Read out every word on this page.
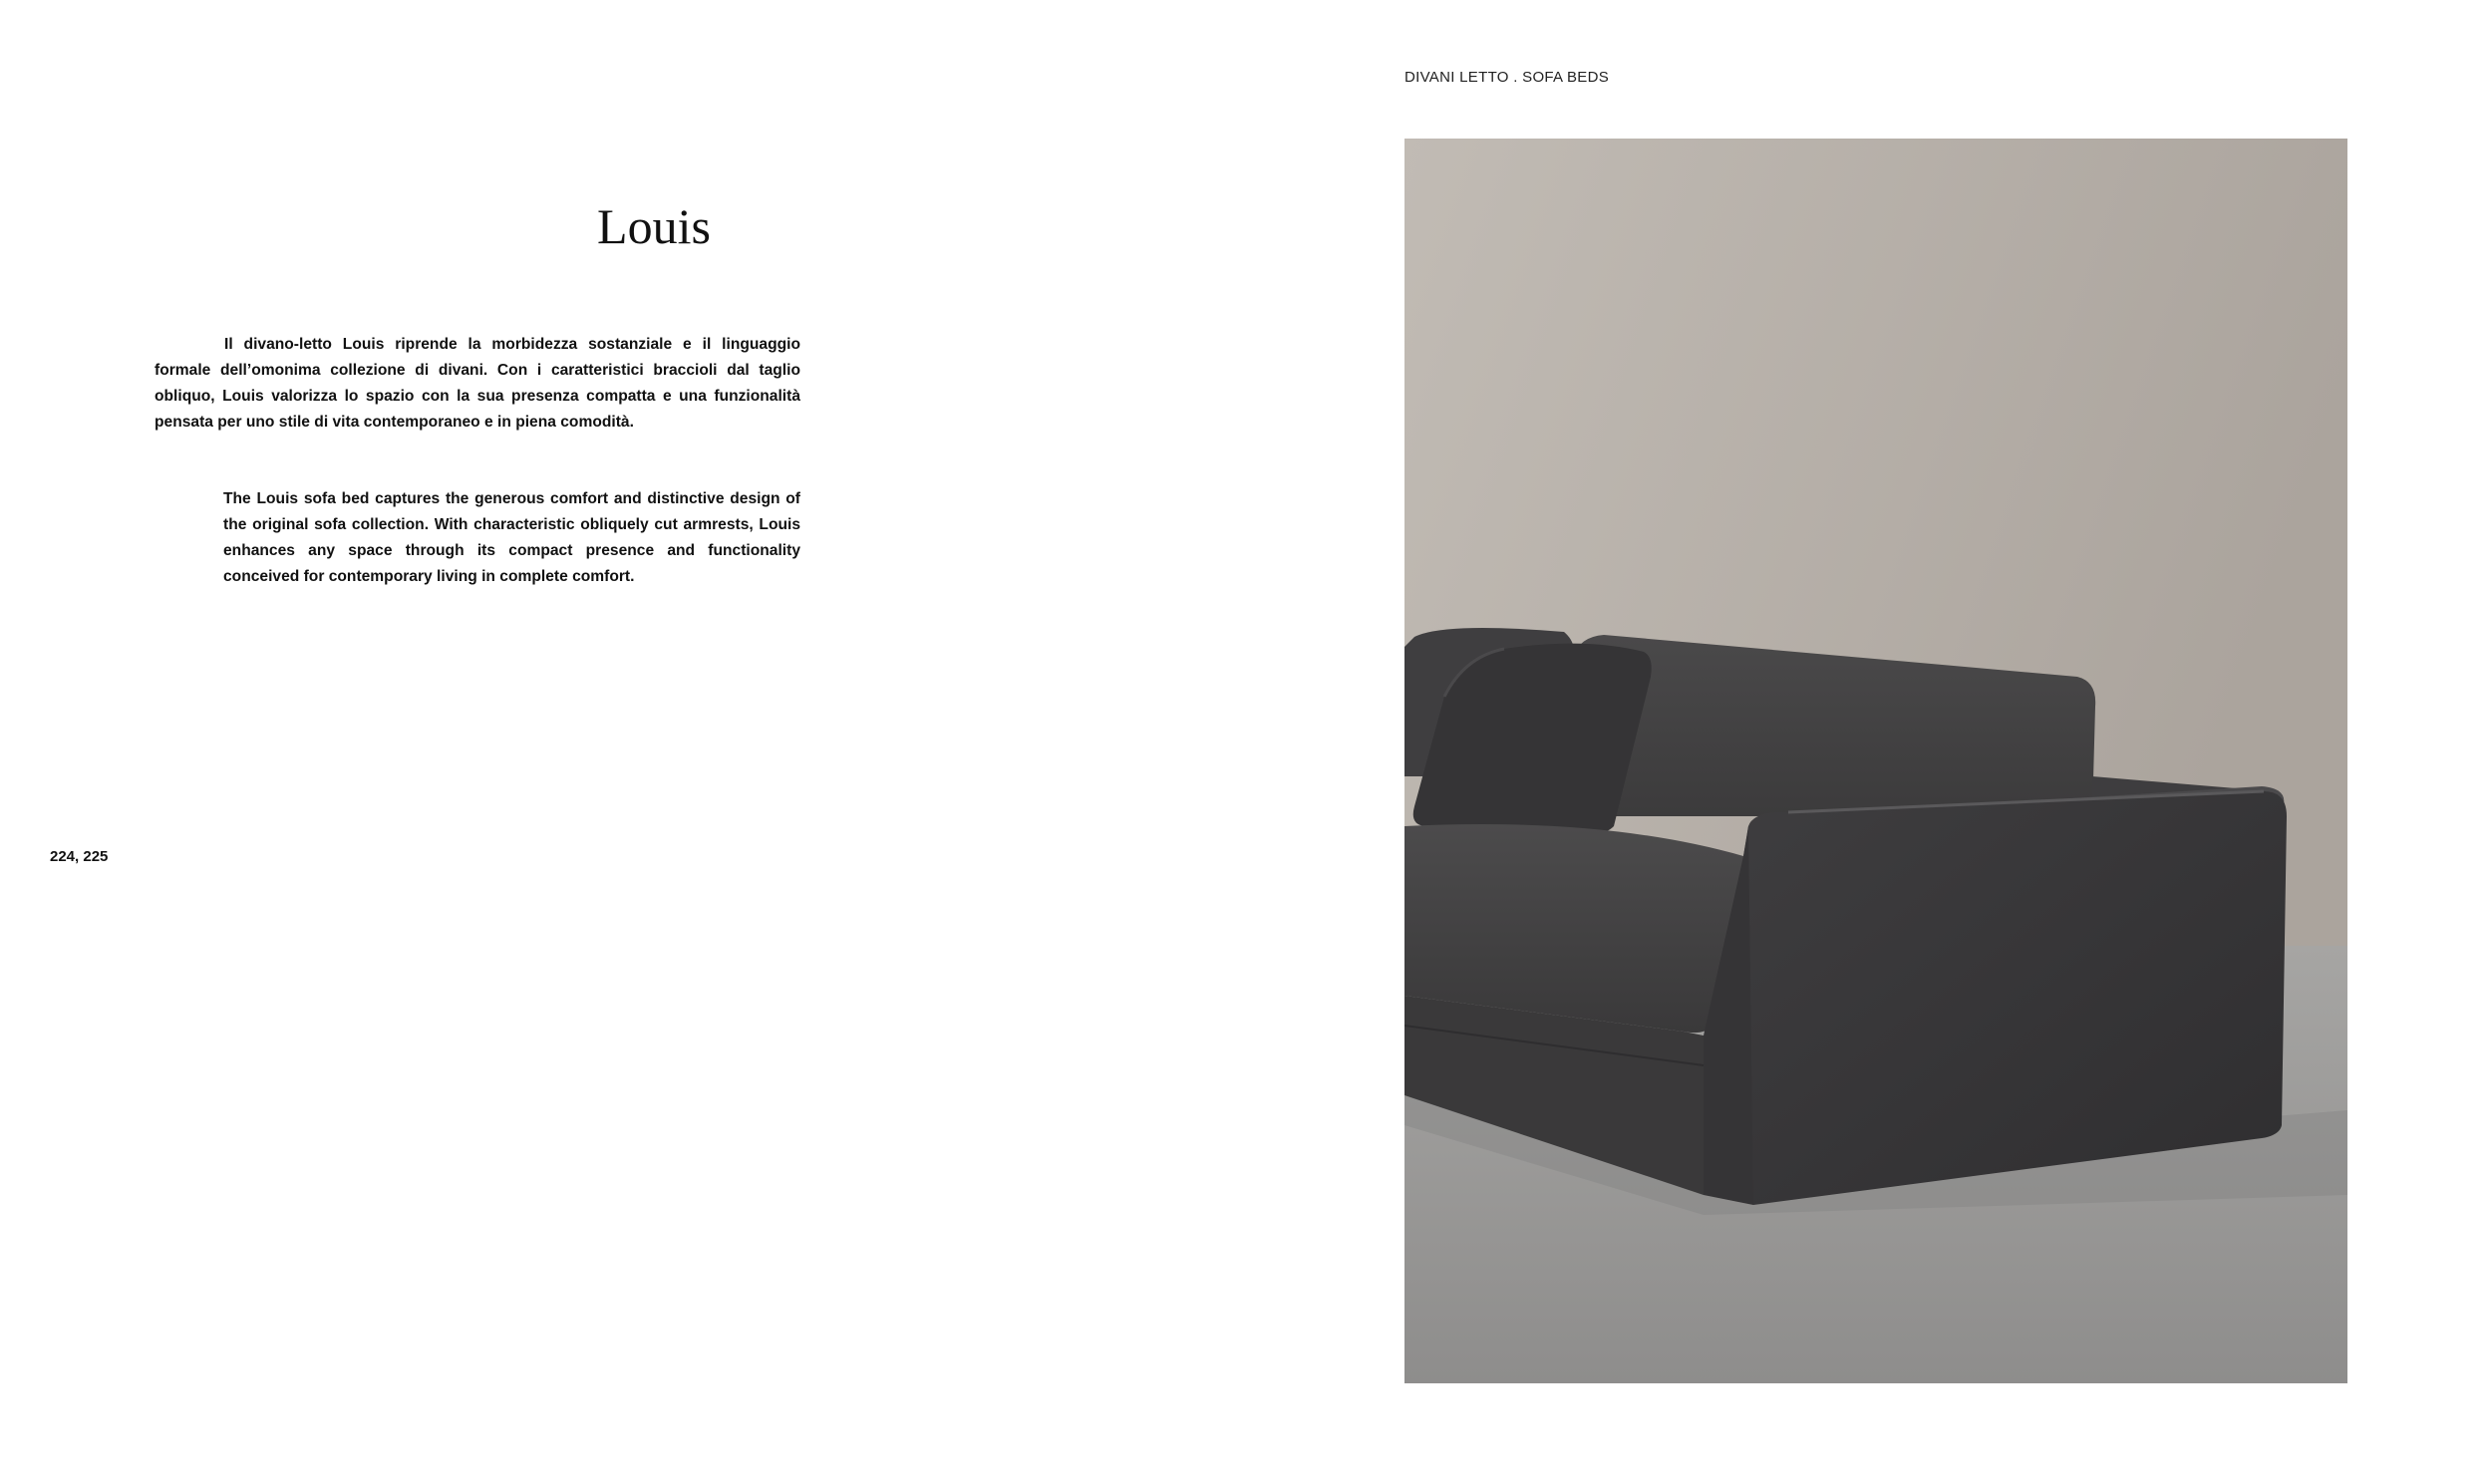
DIVANI LETTO . SOFA BEDS
Louis

Il divano-letto Louis riprende la morbidezza sostanziale e il linguaggio formale dell’omonima collezione di divani. Con i caratteristici braccioli dal taglio obliquo, Louis valorizza lo spazio con la sua presenza compatta e una funzionalità pensata per uno stile di vita contemporaneo e in piena comodità.

The Louis sofa bed captures the generous comfort and distinctive design of the original sofa collection. With characteristic obliquely cut armrests, Louis enhances any space through its compact presence and functionality conceived for contemporary living in complete comfort.

224, 225
